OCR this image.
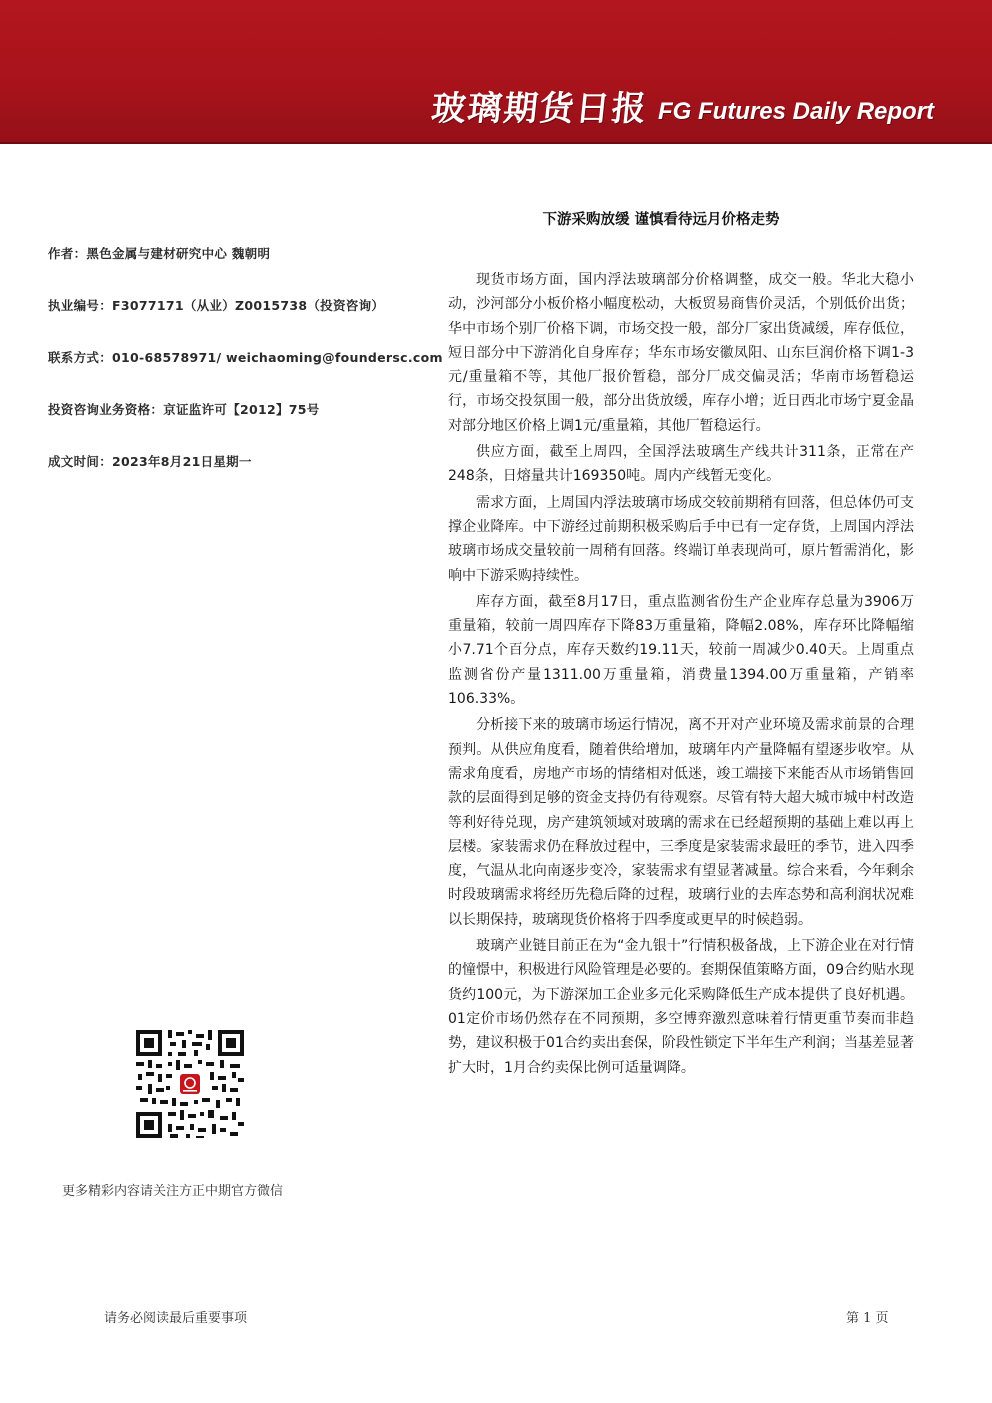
玻璃期货日报 FG Futures Daily Report
作者：黑色金属与建材研究中心 魏朝明
执业编号：F3077171（从业）Z0015738（投资咨询）
联系方式：010-68578971/ weichaoming@foundersc.com
投资咨询业务资格：京证监许可【2012】75号
成文时间：2023年8月21日星期一
更多精彩内容请关注方正中期官方微信
下游采购放缓 谨慎看待远月价格走势

现货市场方面，国内浮法玻璃部分价格调整，成交一般。华北大稳小动，沙河部分小板价格小幅度松动，大板贸易商售价灵活，个别低价出货；华中市场个别厂价格下调，市场交投一般，部分厂家出货减缓，库存低位，短日部分中下游消化自身库存；华东市场安徽凤阳、山东巨润价格下调1-3元/重量箱不等，其他厂报价暂稳，部分厂成交偏灵活；华南市场暂稳运行，市场交投氛围一般，部分出货放缓，库存小增；近日西北市场宁夏金晶对部分地区价格上调1元/重量箱，其他厂暂稳运行。

供应方面，截至上周四，全国浮法玻璃生产线共计311条，正常在产248条，日熔量共计169350吨。周内产线暂无变化。

需求方面，上周国内浮法玻璃市场成交较前期稍有回落，但总体仍可支撑企业降库。中下游经过前期积极采购后手中已有一定存货，上周国内浮法玻璃市场成交量较前一周稍有回落。终端订单表现尚可，原片暂需消化，影响中下游采购持续性。

库存方面，截至8月17日，重点监测省份生产企业库存总量为3906万重量箱，较前一周四库存下降83万重量箱，降幅2.08%，库存环比降幅缩小7.71个百分点，库存天数约19.11天，较前一周减少0.40天。上周重点监测省份产量1311.00万重量箱，消费量1394.00万重量箱，产销率106.33%。

分析接下来的玻璃市场运行情况，离不开对产业环境及需求前景的合理预判。从供应角度看，随着供给增加，玻璃年内产量降幅有望逐步收窄。从需求角度看，房地产市场的情绪相对低迷，竣工端接下来能否从市场销售回款的层面得到足够的资金支持仍有待观察。尽管有特大超大城市城中村改造等利好待兑现，房产建筑领域对玻璃的需求在已经超预期的基础上难以再上层楼。家装需求仍在释放过程中，三季度是家装需求最旺的季节，进入四季度，气温从北向南逐步变冷，家装需求有望显著减量。综合来看，今年剩余时段玻璃需求将经历先稳后降的过程，玻璃行业的去库态势和高利润状况难以长期保持，玻璃现货价格将于四季度或更早的时候趋弱。

玻璃产业链目前正在为“金九银十”行情积极备战，上下游企业在对行情的憧憬中，积极进行风险管理是必要的。套期保值策略方面，09合约贴水现货约100元，为下游深加工企业多元化采购降低生产成本提供了良好机遇。01定价市场仍然存在不同预期，多空博弈激烈意味着行情更重节奏而非趋势，建议积极于01合约卖出套保，阶段性锁定下半年生产利润；当基差显著扩大时，1月合约卖保比例可适量调降。

请务必阅读最后重要事项	第 1 页
